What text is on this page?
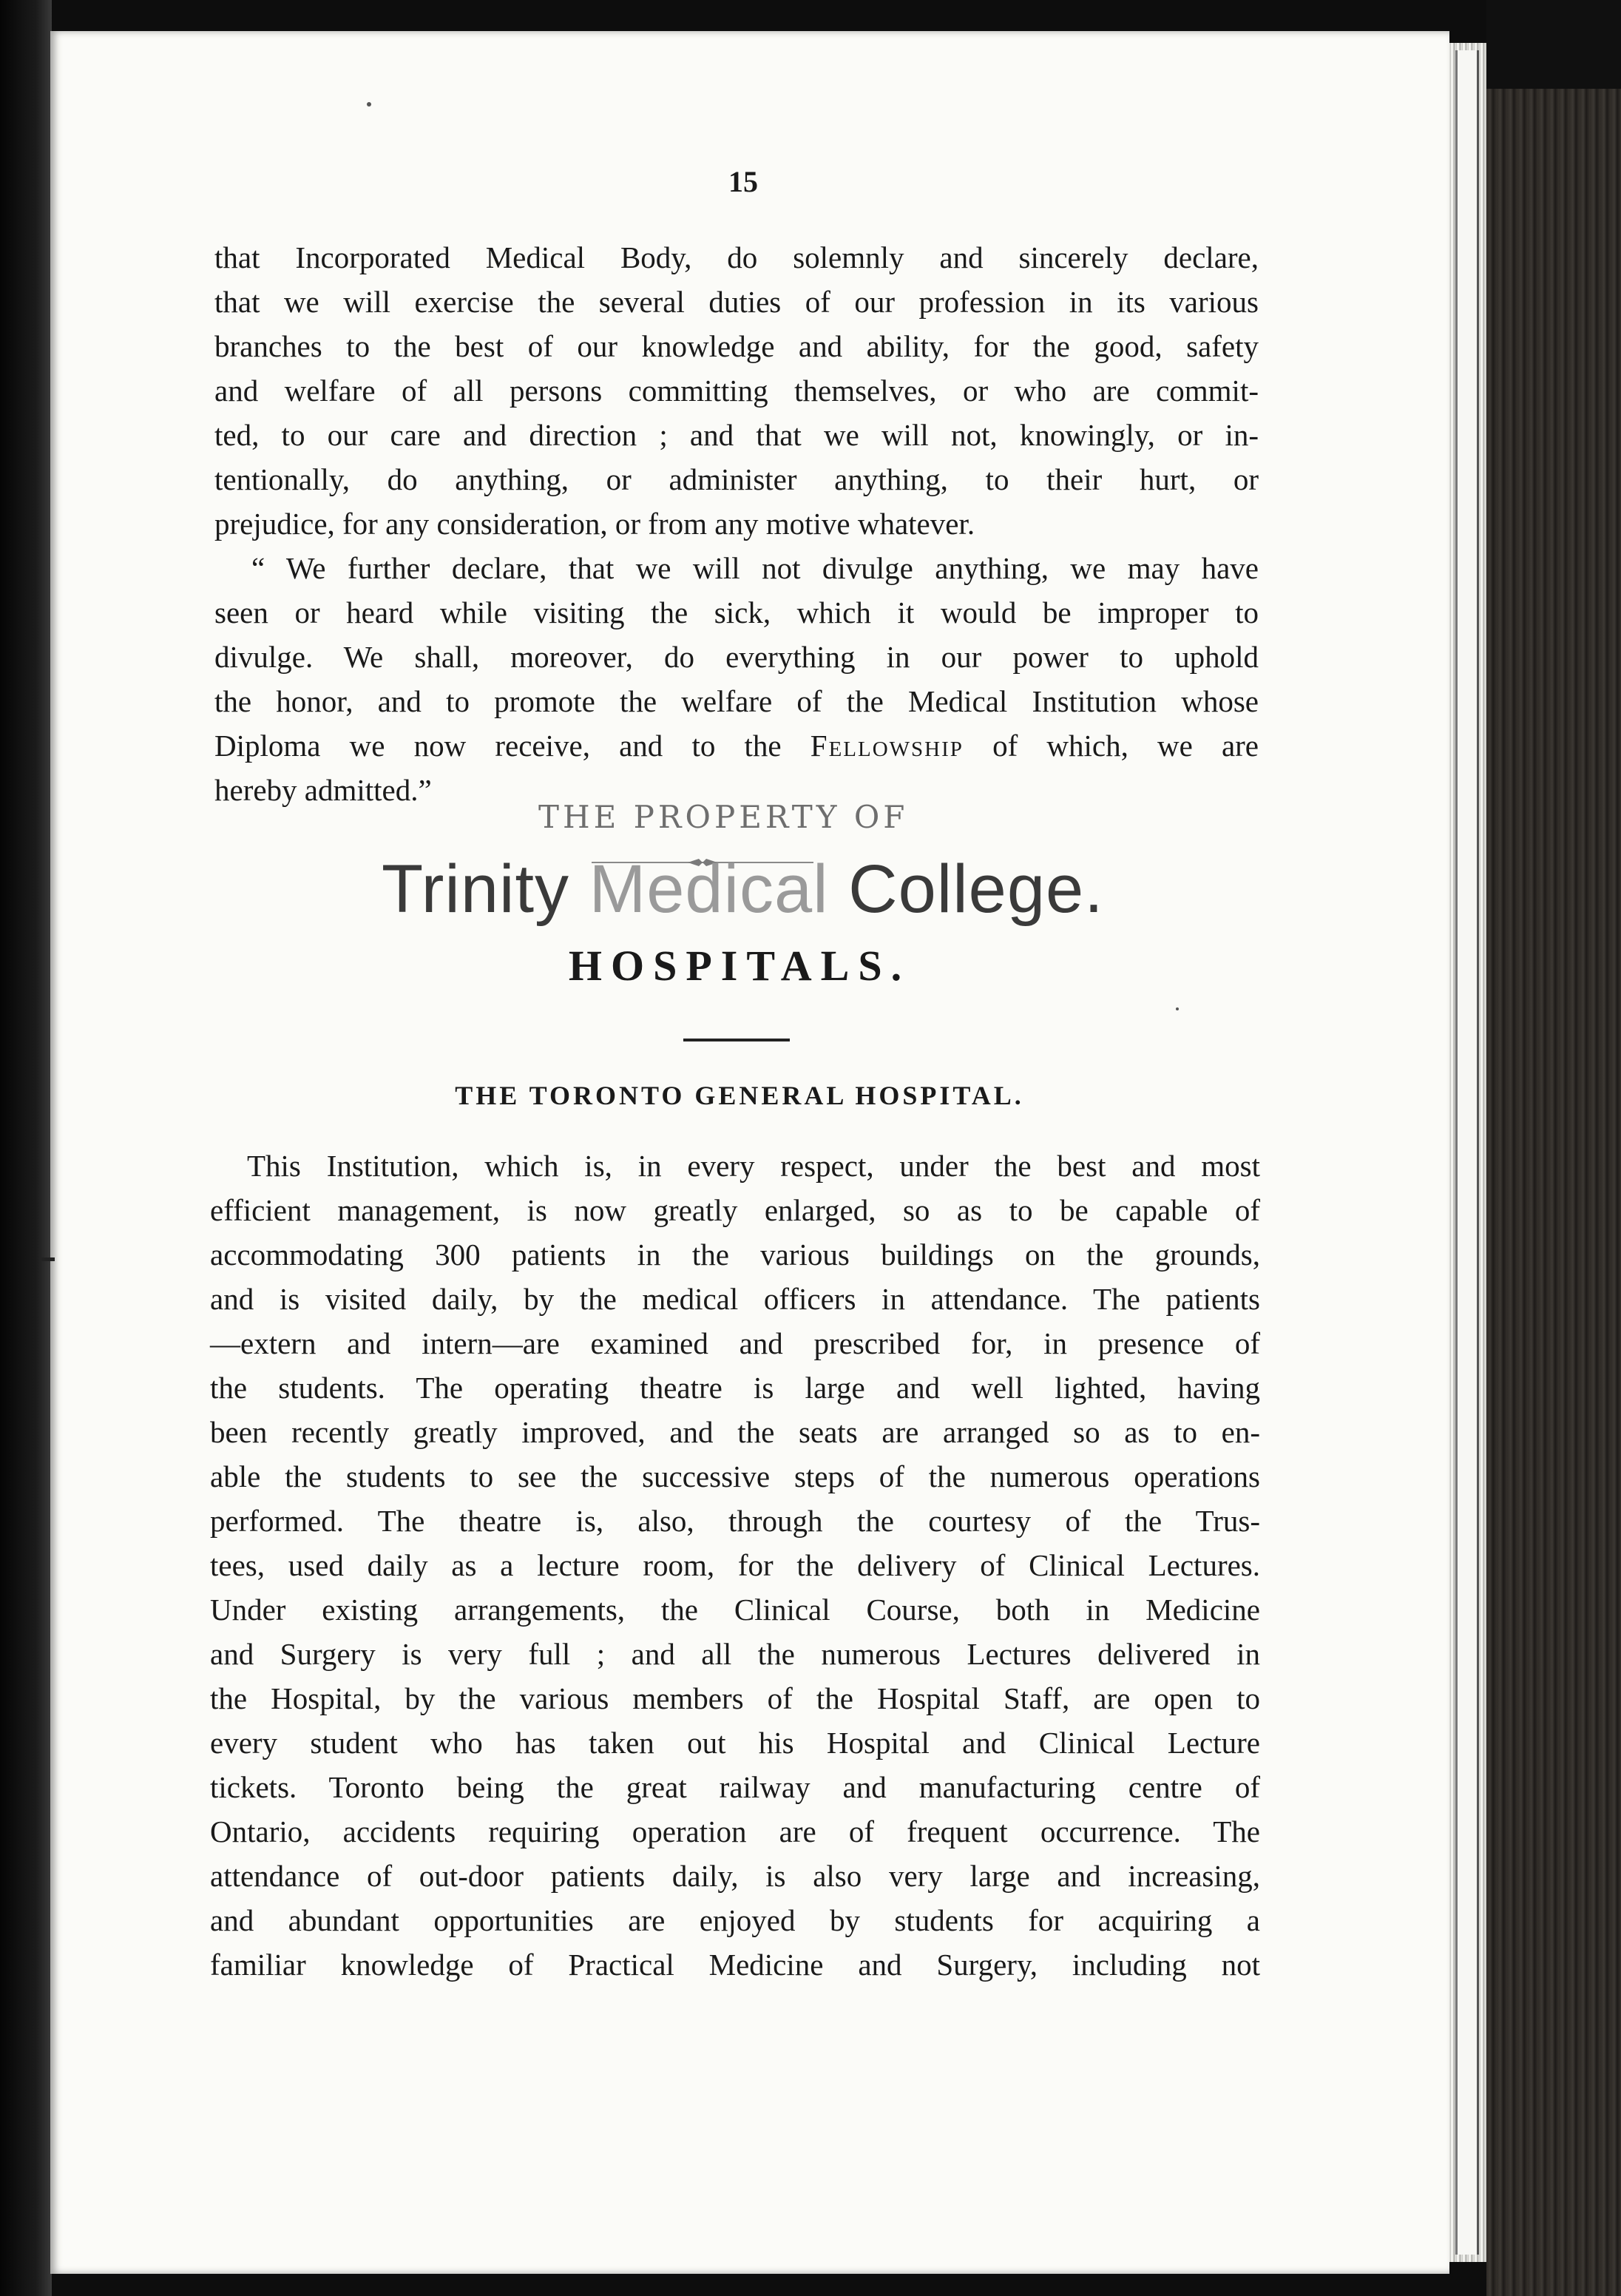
15
that Incorporated Medical Body, do solemnly and sincerely declare,
that we will exercise the several duties of our profession in its various
branches to the best of our knowledge and ability, for the good, safety
and welfare of all persons committing themselves, or who are commit-
ted, to our care and direction ; and that we will not, knowingly, or in-
tentionally, do anything, or administer anything, to their hurt, or
prejudice, for any consideration, or from any motive whatever.
“ We further declare, that we will not divulge anything, we may have
seen or heard while visiting the sick, which it would be improper to
divulge. We shall, moreover, do everything in our power to uphold
the honor, and to promote the welfare of the Medical Institution whose
Diploma we now receive, and to the Fellowship of which, we are
hereby admitted.”
THE PROPERTY OF
Trinity Medical College.
HOSPITALS.
THE TORONTO GENERAL HOSPITAL.
This Institution, which is, in every respect, under the best and most
efficient management, is now greatly enlarged, so as to be capable of
accommodating 300 patients in the various buildings on the grounds,
and is visited daily, by the medical officers in attendance. The patients
—extern and intern—are examined and prescribed for, in presence of
the students. The operating theatre is large and well lighted, having
been recently greatly improved, and the seats are arranged so as to en-
able the students to see the successive steps of the numerous operations
performed. The theatre is, also, through the courtesy of the Trus-
tees, used daily as a lecture room, for the delivery of Clinical Lectures.
Under existing arrangements, the Clinical Course, both in Medicine
and Surgery is very full ; and all the numerous Lectures delivered in
the Hospital, by the various members of the Hospital Staff, are open to
every student who has taken out his Hospital and Clinical Lecture
tickets. Toronto being the great railway and manufacturing centre of
Ontario, accidents requiring operation are of frequent occurrence. The
attendance of out-door patients daily, is also very large and increasing,
and abundant opportunities are enjoyed by students for acquiring a
familiar knowledge of Practical Medicine and Surgery, including not
